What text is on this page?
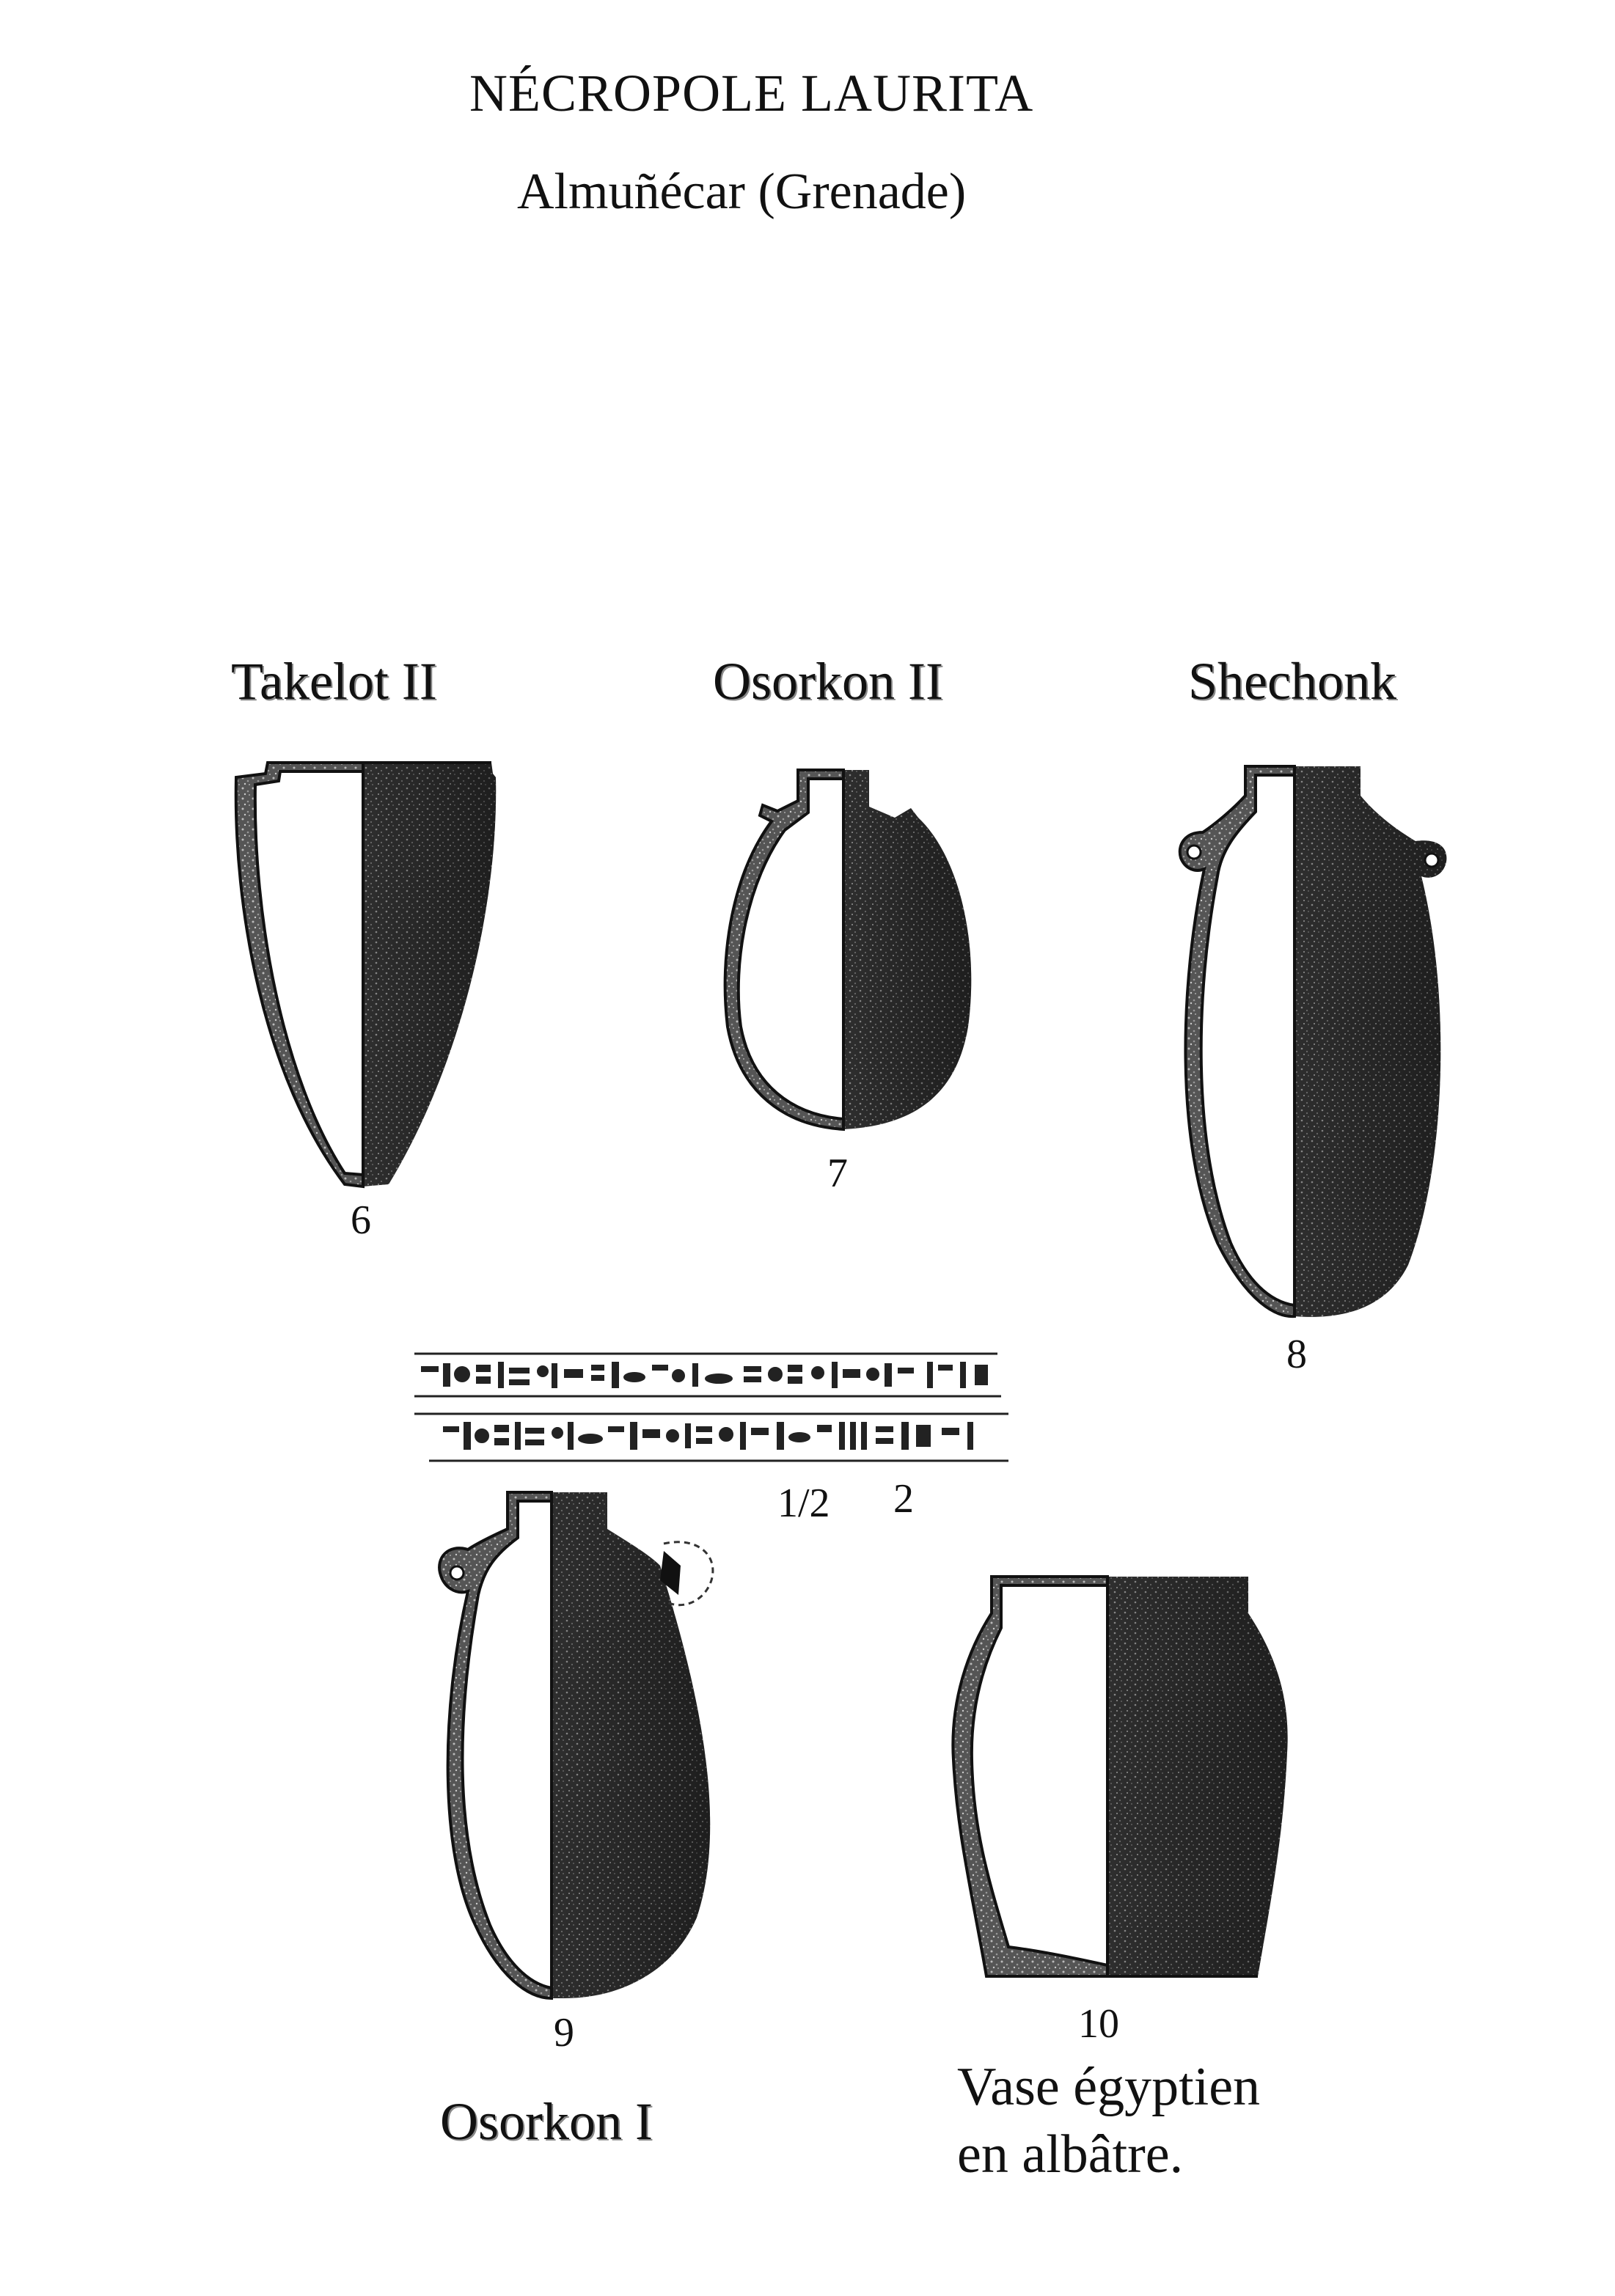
NÉCROPOLE LAURITA
Almuñécar (Grenade)
Takelot II	Osorkon II	Shechonk
6
7
8
1/2 2
9
Osorkon I
10
Vase égyptien
en albâtre.
